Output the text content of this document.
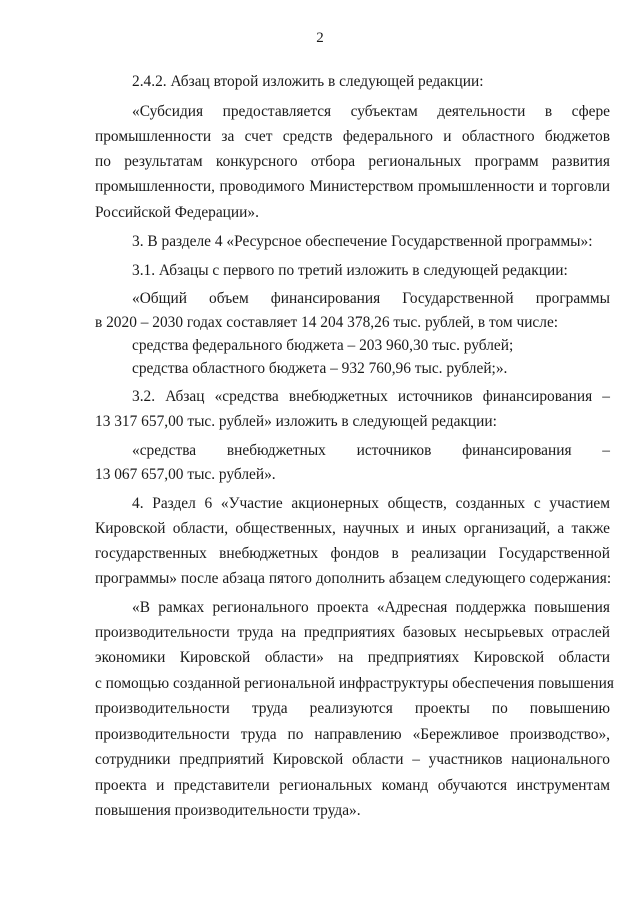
2
2.4.2. Абзац второй изложить в следующей редакции:
«Субсидия предоставляется субъектам деятельности в сфере
промышленности за счет средств федерального и областного бюджетов
по результатам конкурсного отбора региональных программ развития
промышленности, проводимого Министерством промышленности и торговли
Российской Федерации».
3. В разделе 4 «Ресурсное обеспечение Государственной программы»:
3.1. Абзацы с первого по третий изложить в следующей редакции:
«Общий объем финансирования Государственной программы
в 2020 – 2030 годах составляет 14 204 378,26 тыс. рублей, в том числе:
средства федерального бюджета – 203 960,30 тыс. рублей;
средства областного бюджета – 932 760,96 тыс. рублей;».
3.2. Абзац «средства внебюджетных источников финансирования –
13 317 657,00 тыс. рублей» изложить в следующей редакции:
«средства внебюджетных источников финансирования –
13 067 657,00 тыс. рублей».
4. Раздел 6 «Участие акционерных обществ, созданных с участием
Кировской области, общественных, научных и иных организаций, а также
государственных внебюджетных фондов в реализации Государственной
программы» после абзаца пятого дополнить абзацем следующего содержания:
«В рамках регионального проекта «Адресная поддержка повышения
производительности труда на предприятиях базовых несырьевых отраслей
экономики Кировской области» на предприятиях Кировской области
с помощью созданной региональной инфраструктуры обеспечения повышения
производительности труда реализуются проекты по повышению
производительности труда по направлению «Бережливое производство»,
сотрудники предприятий Кировской области – участников национального
проекта и представители региональных команд обучаются инструментам
повышения производительности труда».
